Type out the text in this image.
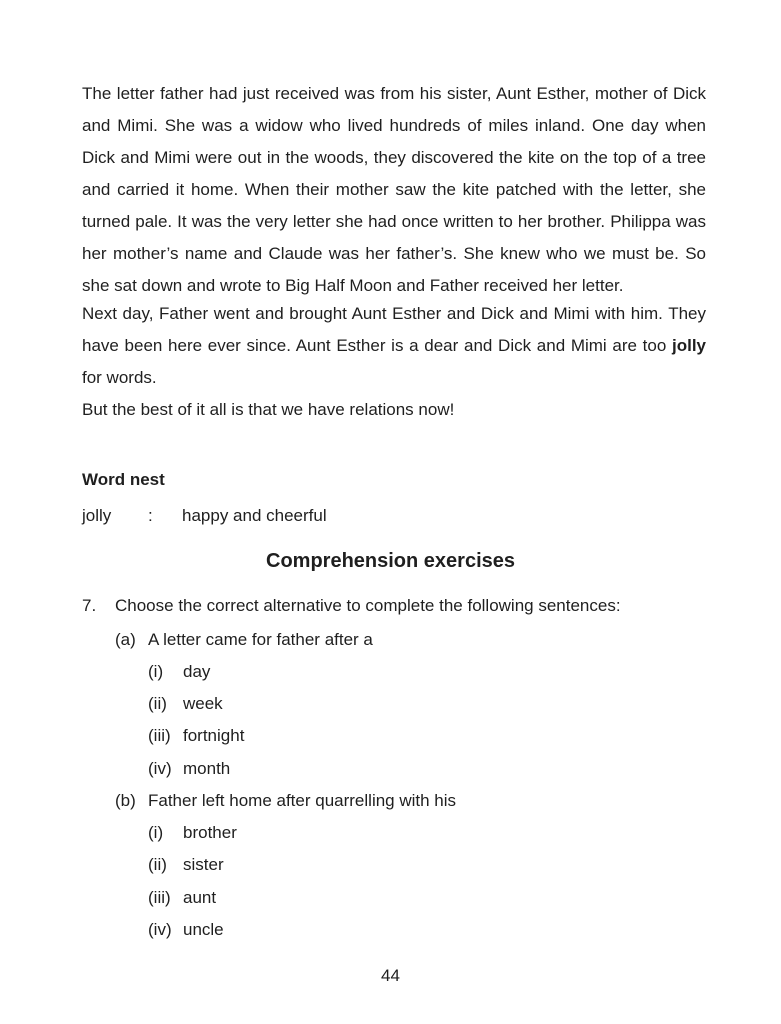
The letter father had just received was from his sister, Aunt Esther, mother of Dick and Mimi. She was a widow who lived hundreds of miles inland. One day when Dick and Mimi were out in the woods, they discovered the kite on the top of a tree and carried it home. When their mother saw the kite patched with the letter, she turned pale. It was the very letter she had once written to her brother. Philippa was her mother’s name and Claude was her father’s. She knew who we must be. So she sat down and wrote to Big Half Moon and Father received her letter.

Next day, Father went and brought Aunt Esther and Dick and Mimi with him. They have been here ever since. Aunt Esther is a dear and Dick and Mimi are too jolly for words.

But the best of it all is that we have relations now!

Word nest
jolly : happy and cheerful
Comprehension exercises
7. Choose the correct alternative to complete the following sentences:
(a) A letter came for father after a
(i) day
(ii) week
(iii) fortnight
(iv) month
(b) Father left home after quarrelling with his
(i) brother
(ii) sister
(iii) aunt
(iv) uncle
44
